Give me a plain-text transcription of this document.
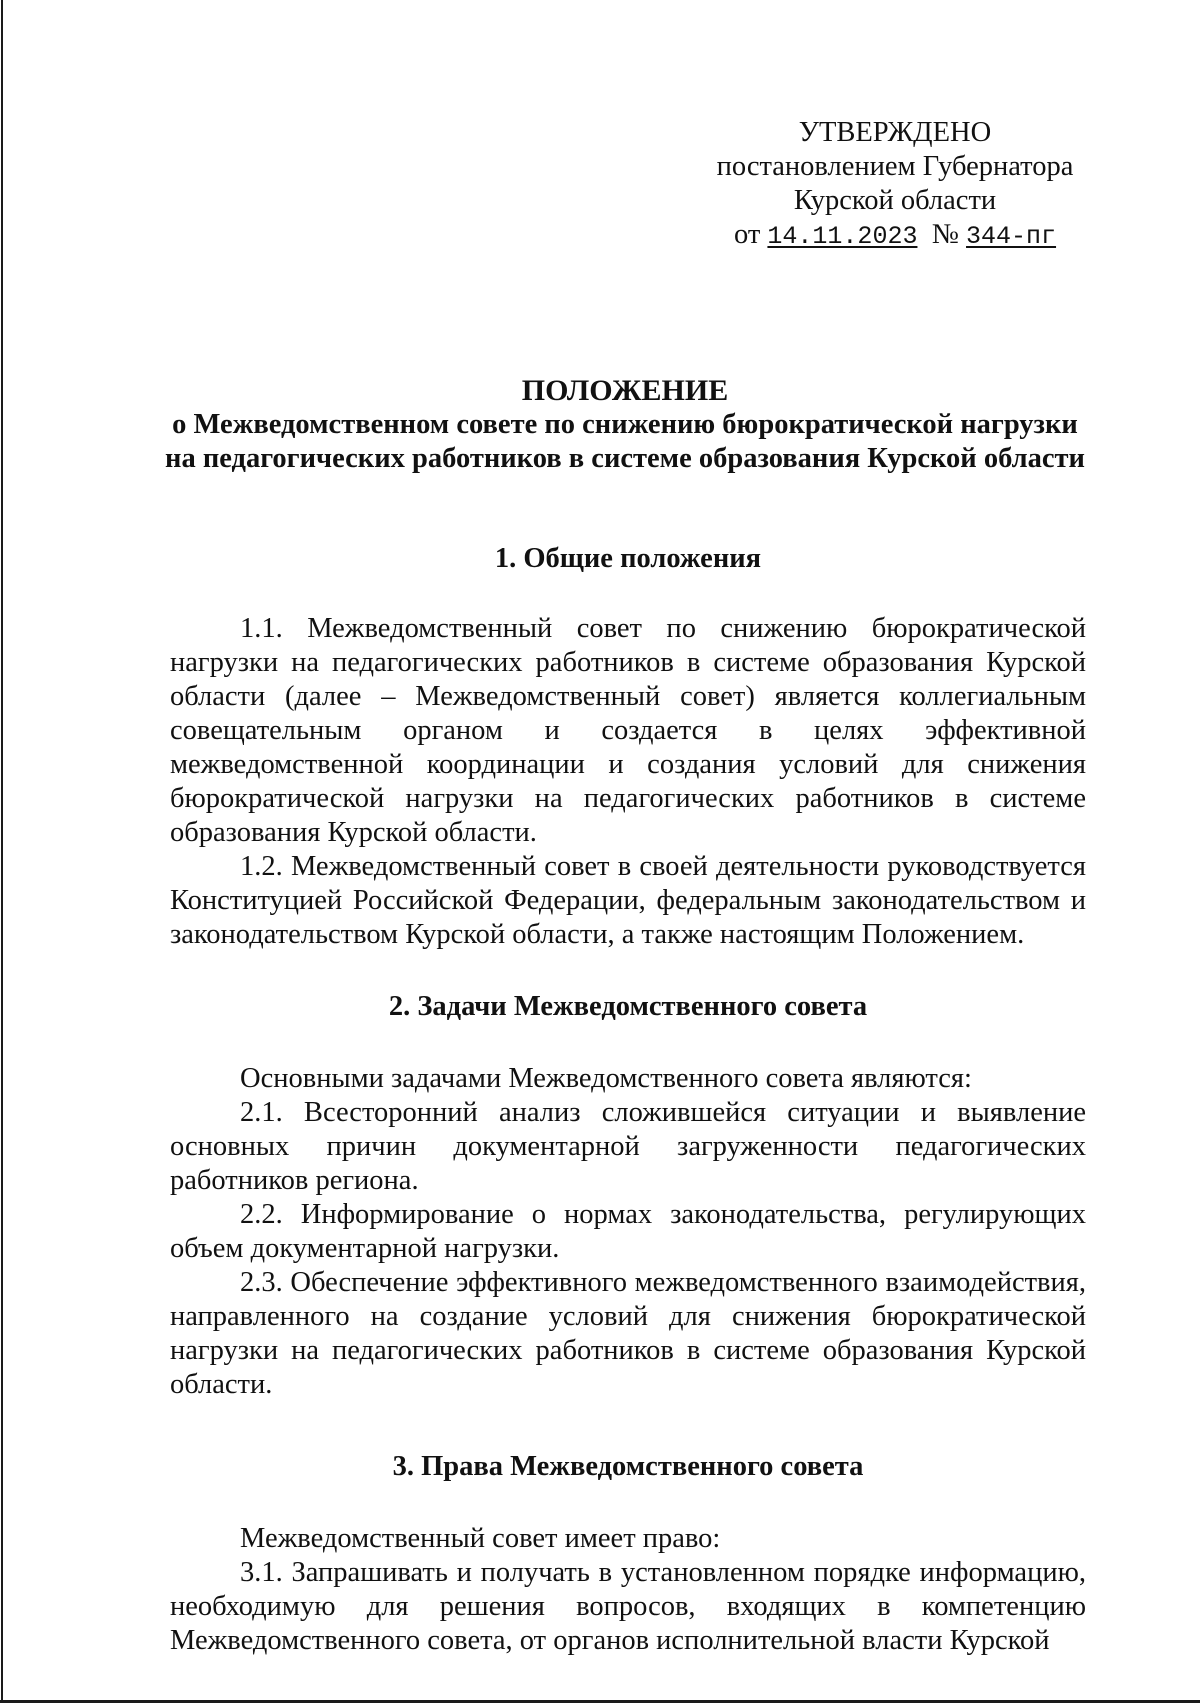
УТВЕРЖДЕНО
постановлением Губернатора
Курской области
от 14.11.2023 № 344-пг
ПОЛОЖЕНИЕ
о Межведомственном совете по снижению бюрократической нагрузки на педагогических работников в системе образования Курской области
1. Общие положения

1.1. Межведомственный совет по снижению бюрократической нагрузки на педагогических работников в системе образования Курской области (далее – Межведомственный совет) является коллегиальным совещательным органом и создается в целях эффективной межведомственной координации и создания условий для снижения бюрократической нагрузки на педагогических работников в системе образования Курской области.

1.2. Межведомственный совет в своей деятельности руководствуется Конституцией Российской Федерации, федеральным законодательством и законодательством Курской области, а также настоящим Положением.

2. Задачи Межведомственного совета

Основными задачами Межведомственного совета являются:

2.1. Всесторонний анализ сложившейся ситуации и выявление основных причин документарной загруженности педагогических работников региона.

2.2. Информирование о нормах законодательства, регулирующих объем документарной нагрузки.

2.3. Обеспечение эффективного межведомственного взаимодействия, направленного на создание условий для снижения бюрократической нагрузки на педагогических работников в системе образования Курской области.

3. Права Межведомственного совета

Межведомственный совет имеет право:

3.1. Запрашивать и получать в установленном порядке информацию, необходимую для решения вопросов, входящих в компетенцию Межведомственного совета, от органов исполнительной власти Курской
